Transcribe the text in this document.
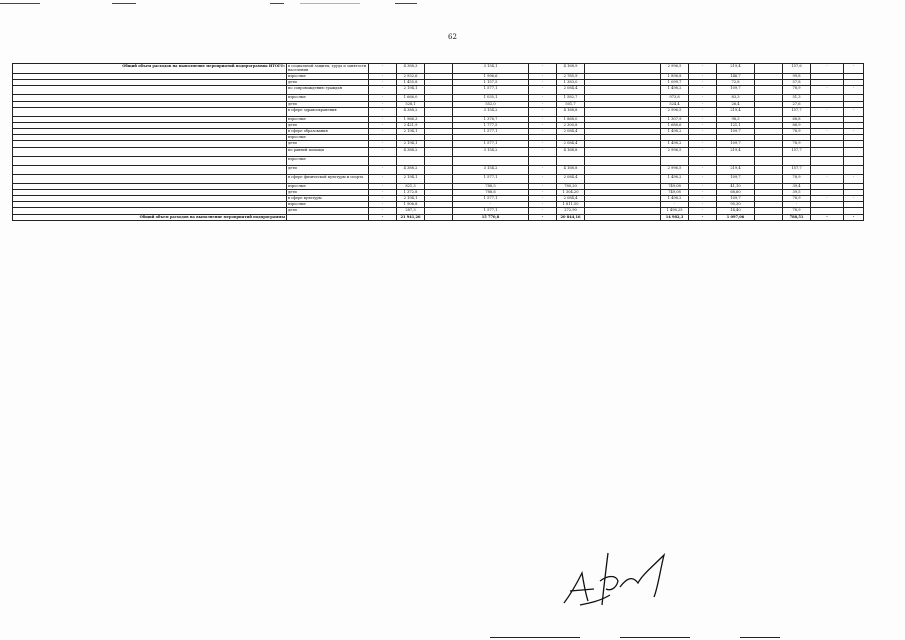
62
Общий объем расходов на выполнение мероприятий подпрограммы ИТОГО:	в социальной защиты, труда и занятости населения	-	4 388,3		3 154,1	-	4 168,9		2 996,5	-	219,4		157,6	-	-
	взрослые	-	2 932,6		1 996,6	-	2 785,9		1 896,8	-	146,7		99,8		
	дети	-	1 455,8		1 157,5	-	1 383,0		1 099,7	-	72,8		57,8		
	по сопровождению граждан	-	2 194,1		1 577,1	-	2 084,4		1 498,2	-	109,7		78,9	-	-
	взрослые	-	1 666,0		1 035,1	-	1 582,7		973,8	-	83,3		51,3		
	дети	-	528,1		552,0	-	501,7		524,4	-	26,4		27,6		
	в сфере здравоохранения	-	4 388,2		3 154,2	-	4 168,8		2 996,5	-	219,4		157,7	-	-
	взрослые	-	1 966,3		1 376,7	-	1 868,0		1 307,9	-	98,3		68,8		
	дети	-	2 421,9		1 777,5	-	2 300,8		1 688,6	-	121,1		88,9		
	в сфере образования	-	2 194,1		1 577,1	-	2 084,4		1 498,2	-	109,7		78,9	-	-
	взрослые														
	дети	-	2 194,1		1 577,1	-	2 084,4		1 498,2	-	109,7		78,9		
	по ранней помощи	-	4 388,2		3 154,2	-	4 168,8		2 996,5	-	219,4		157,7		
	взрослые														
	дети	-	4 388,2		3 154,2	-	4 168,8		2 996,5	-	219,4		157,7		
	в сфере физической культуры и спорта	-	2 194,1		1 577,1	-	2 084,4		1 498,2	-	109,7		78,9	-	-
	взрослые	-	821,3		788,5	-	780,20		749,08	-	41,10		39,4		
	дети	-	1 372,8		788,6	-	1 304,20		749,08	-	68,60		39,5		
	в сфере культуры	-	2 194,1		1 577,1	-	2 084,4		1 498,2	-	109,7		78,9	-	-
	взрослые	-	1 906,8		-	-	1 811,50		-	-	95,30		-		
	дети	-	287,3		1 577,1	-	272,90		1 498,25	-	14,40		78,9		
Общий объем расходов на выполнение мероприятий подпрограммы		-	21 941,26		15 770,8	-	20 844,16		14 982,3	-	1 097,06		788,51	-	-
